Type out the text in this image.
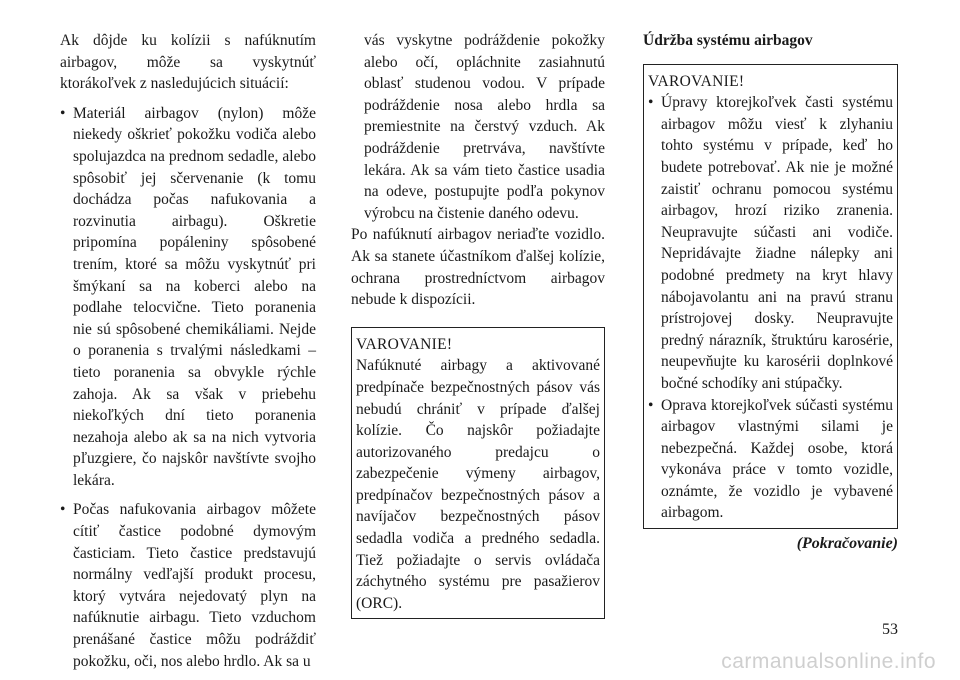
Ak dôjde ku kolízii s nafúknutím airbagov, môže sa vyskytnúť ktorákoľvek z nasledujúcich situácií:

• Materiál airbagov (nylon) môže niekedy oškrieť pokožku vodiča alebo spolujazdca na prednom sedadle, alebo spôsobiť jej sčervenanie (k tomu dochádza počas nafukovania a rozvinutia airbagu). Oškretie pripomína popáleniny spôsobené trením, ktoré sa môžu vyskytnúť pri šmýkaní sa na koberci alebo na podlahe telocvične. Tieto poranenia nie sú spôsobené chemikáliami. Nejde o poranenia s trvalými následkami – tieto poranenia sa obvykle rýchle zahoja. Ak sa však v priebehu niekoľkých dní tieto poranenia nezahoja alebo ak sa na nich vytvoria pľuzgiere, čo najskôr navštívte svojho lekára.
• Počas nafukovania airbagov môžete cítiť častice podobné dymovým časticiam. Tieto častice predstavujú normálny vedľajší produkt procesu, ktorý vytvára nejedovatý plyn na nafúknutie airbagu. Tieto vzduchom prenášané častice môžu podráždiť pokožku, oči, nos alebo hrdlo. Ak sa u

vás vyskytne podráždenie pokožky alebo očí, opláchnite zasiahnutú oblasť studenou vodou. V prípade podráždenie nosa alebo hrdla sa premiestnite na čerstvý vzduch. Ak podráždenie pretrváva, navštívte lekára. Ak sa vám tieto častice usadia na odeve, postupujte podľa pokynov výrobcu na čistenie daného odevu.

Po nafúknutí airbagov neriaďte vozidlo. Ak sa stanete účastníkom ďalšej kolízie, ochrana prostredníctvom airbagov nebude k dispozícii.

VAROVANIE!

Nafúknuté airbagy a aktivované predpínače bezpečnostných pásov vás nebudú chrániť v prípade ďalšej kolízie. Čo najskôr požiadajte autorizovaného predajcu o zabezpečenie výmeny airbagov, predpínačov bezpečnostných pásov a navíjačov bezpečnostných pásov sedadla vodiča a predného sedadla. Tiež požiadajte o servis ovládača záchytného systému pre pasažierov (ORC).

Údržba systému airbagov
VAROVANIE!
• Úpravy ktorejkoľvek časti systému airbagov môžu viesť k zlyhaniu tohto systému v prípade, keď ho budete potrebovať. Ak nie je možné zaistiť ochranu pomocou systému airbagov, hrozí riziko zranenia. Neupravujte súčasti ani vodiče. Nepridávajte žiadne nálepky ani podobné predmety na kryt hlavy nábojavolantu ani na pravú stranu prístrojovej dosky. Neupravujte predný nárazník, štruktúru karosérie, neupevňujte ku karosérii doplnkové bočné schodíky ani stúpačky.
• Oprava ktorejkoľvek súčasti systému airbagov vlastnými silami je nebezpečná. Každej osobe, ktorá vykonáva práce v tomto vozidle, oznámte, že vozidlo je vybavené airbagom.
(Pokračovanie)
53
carmanualsonline.info
